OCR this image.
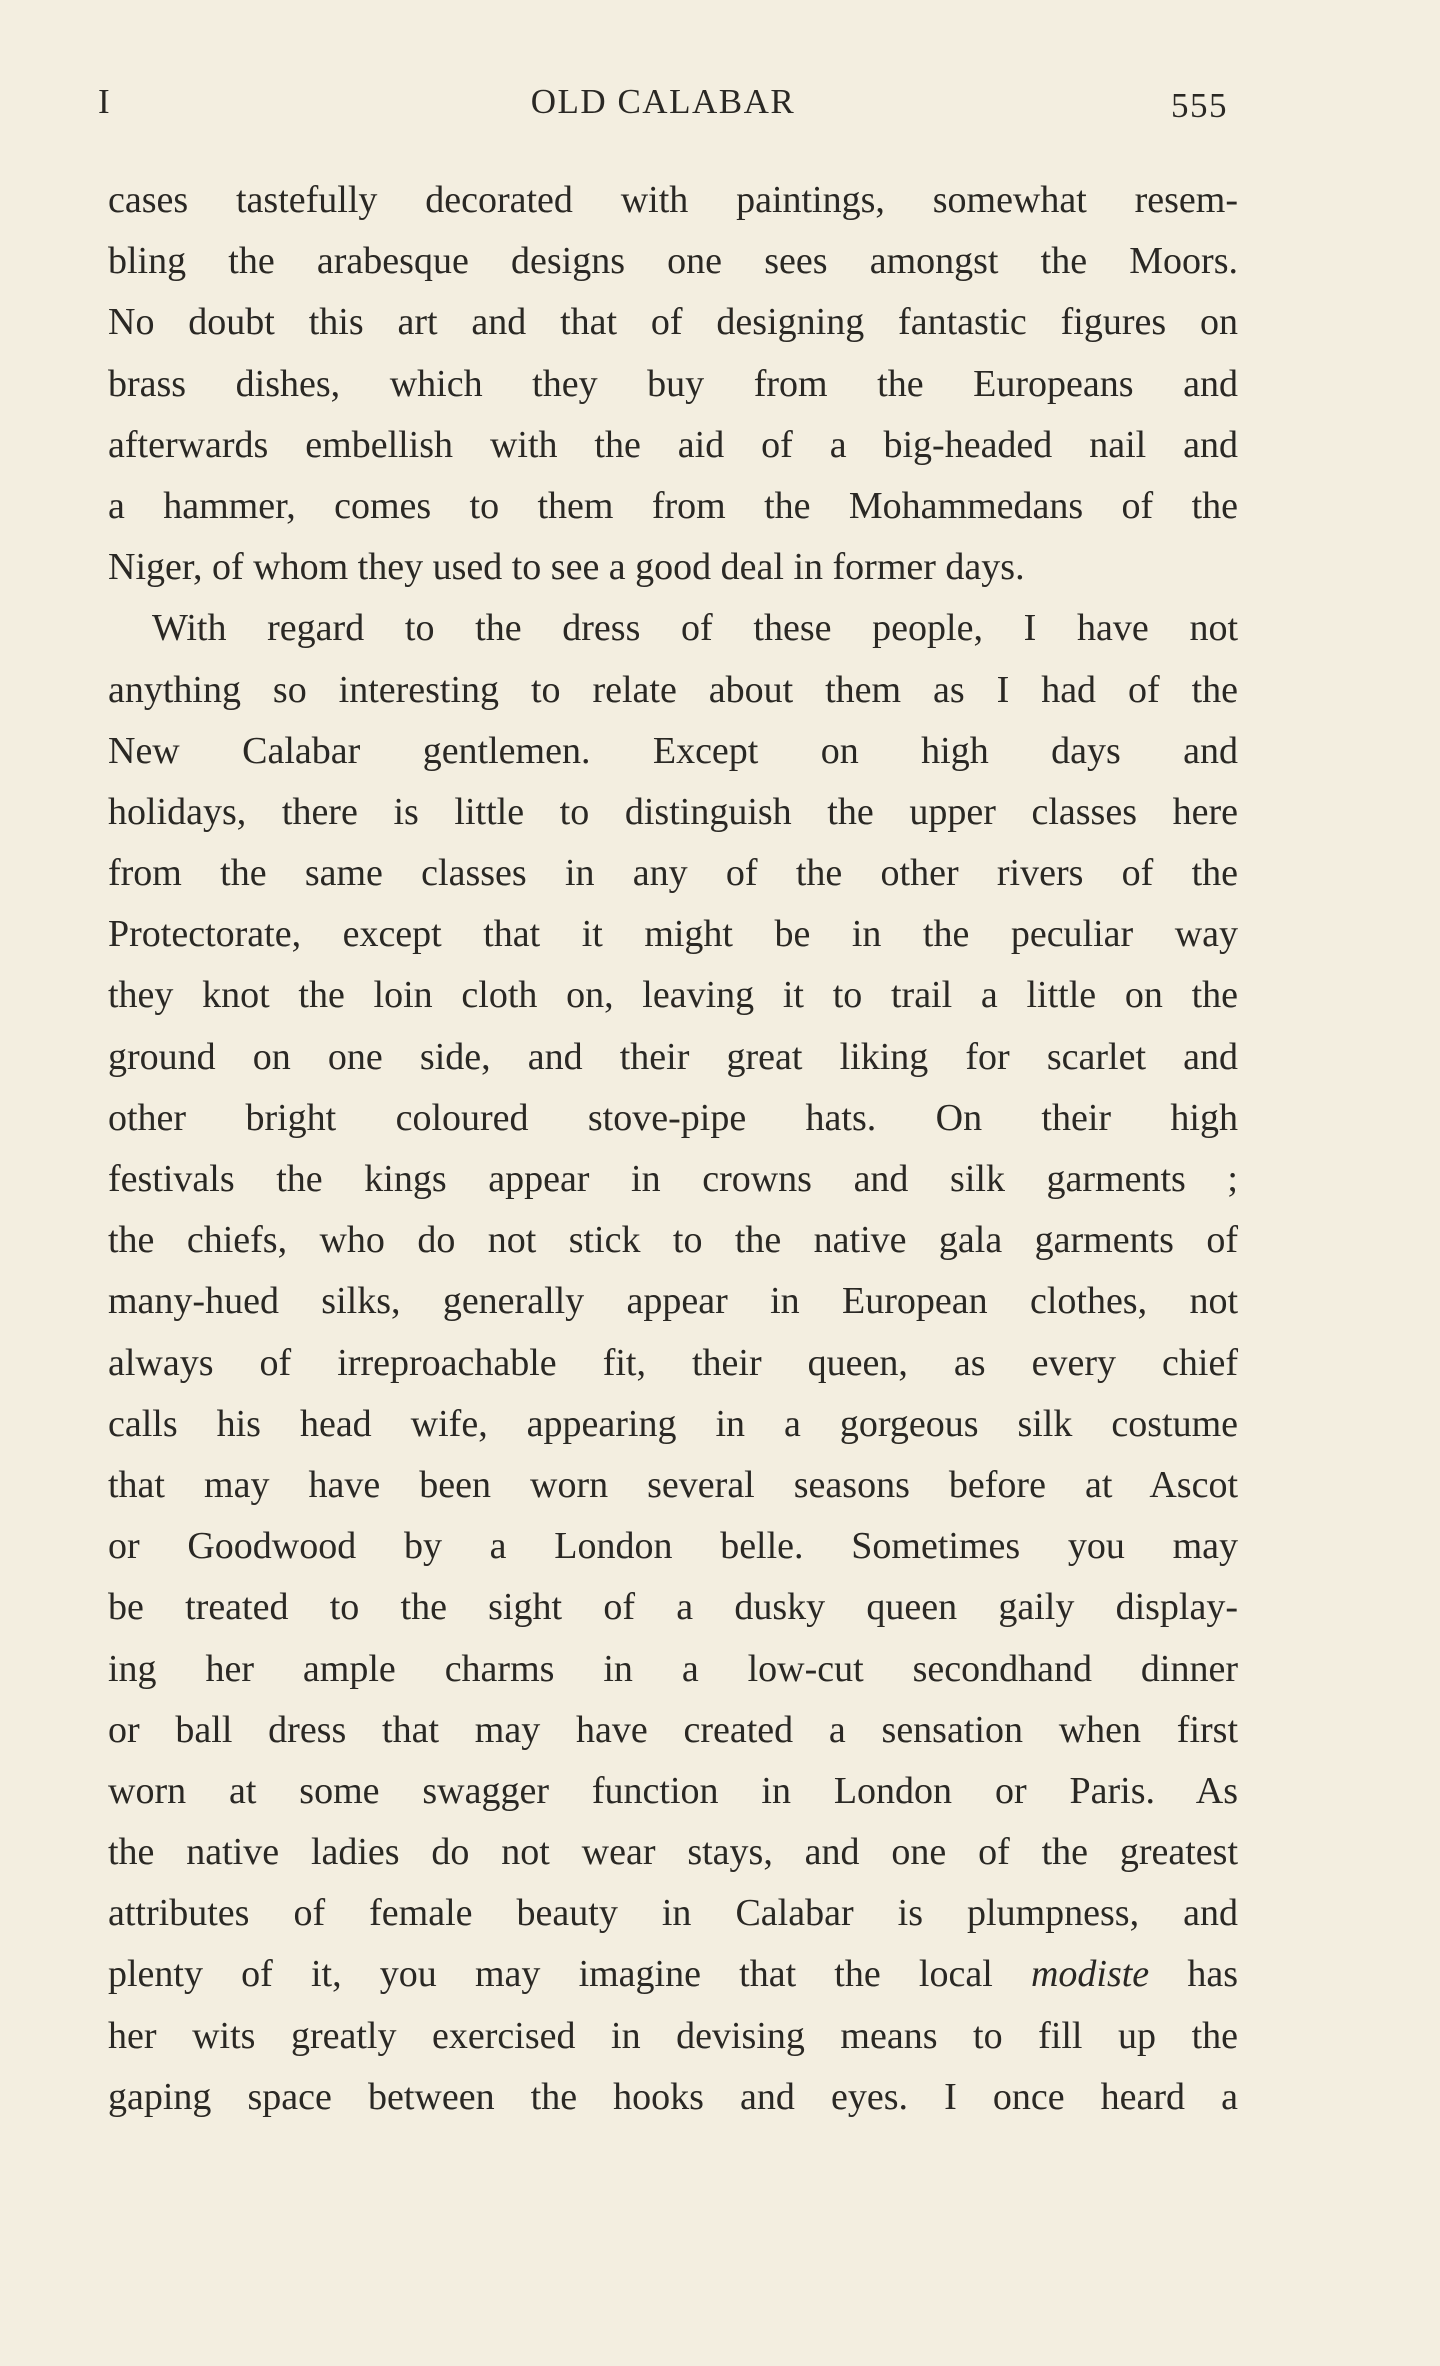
I	OLD CALABAR	555
cases tastefully decorated with paintings, somewhat resem-
bling the arabesque designs one sees amongst the Moors.
No doubt this art and that of designing fantastic figures on
brass dishes, which they buy from the Europeans and
afterwards embellish with the aid of a big-headed nail and
a hammer, comes to them from the Mohammedans of the
Niger, of whom they used to see a good deal in former days.
With regard to the dress of these people, I have not
anything so interesting to relate about them as I had of the
New Calabar gentlemen. Except on high days and
holidays, there is little to distinguish the upper classes here
from the same classes in any of the other rivers of the
Protectorate, except that it might be in the peculiar way
they knot the loin cloth on, leaving it to trail a little on the
ground on one side, and their great liking for scarlet and
other bright coloured stove-pipe hats. On their high
festivals the kings appear in crowns and silk garments ;
the chiefs, who do not stick to the native gala garments of
many-hued silks, generally appear in European clothes, not
always of irreproachable fit, their queen, as every chief
calls his head wife, appearing in a gorgeous silk costume
that may have been worn several seasons before at Ascot
or Goodwood by a London belle. Sometimes you may
be treated to the sight of a dusky queen gaily display-
ing her ample charms in a low-cut secondhand dinner
or ball dress that may have created a sensation when first
worn at some swagger function in London or Paris. As
the native ladies do not wear stays, and one of the greatest
attributes of female beauty in Calabar is plumpness, and
plenty of it, you may imagine that the local modiste has
her wits greatly exercised in devising means to fill up the
gaping space between the hooks and eyes. I once heard a
